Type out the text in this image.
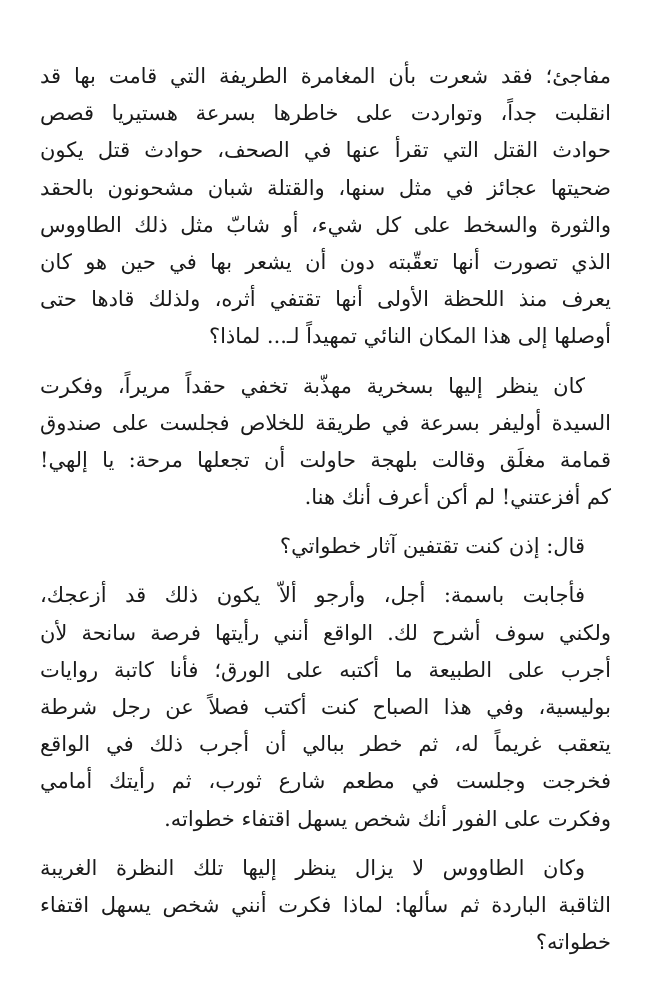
مفاجئ؛ فقد شعرت بأن المغامرة الطريفة التي قامت بها قد
انقلبت جداً، وتواردت على خاطرها بسرعة هستيريا قصص
حوادث القتل التي تقرأ عنها في الصحف، حوادث قتل يكون
ضحيتها عجائز في مثل سنها، والقتلة شبان مشحونون بالحقد
والثورة والسخط على كل شيء، أو شابّ مثل ذلك الطاووس
الذي تصورت أنها تعقّبته دون أن يشعر بها في حين هو كان
يعرف منذ اللحظة الأولى أنها تقتفي أثره، ولذلك قادها حتى
أوصلها إلى هذا المكان النائي تمهيداً لـ... لماذا؟

كان ينظر إليها بسخرية مهذّبة تخفي حقداً مريراً، وفكرت
السيدة أوليفر بسرعة في طريقة للخلاص فجلست على صندوق
قمامة مغلَق وقالت بلهجة حاولت أن تجعلها مرحة: يا إلهي!
كم أفزعتني! لم أكن أعرف أنك هنا.

قال: إذن كنت تقتفين آثار خطواتي؟

فأجابت باسمة: أجل، وأرجو ألاّ يكون ذلك قد أزعجك،
ولكني سوف أشرح لك. الواقع أنني رأيتها فرصة سانحة لأن
أجرب على الطبيعة ما أكتبه على الورق؛ فأنا كاتبة روايات
بوليسية، وفي هذا الصباح كنت أكتب فصلاً عن رجل شرطة
يتعقب غريماً له، ثم خطر ببالي أن أجرب ذلك في الواقع
فخرجت وجلست في مطعم شارع ثورب، ثم رأيتك أمامي
وفكرت على الفور أنك شخص يسهل اقتفاء خطواته.

وكان الطاووس لا يزال ينظر إليها تلك النظرة الغريبة
الثاقبة الباردة ثم سألها: لماذا فكرت أنني شخص يسهل اقتفاء
خطواته؟
